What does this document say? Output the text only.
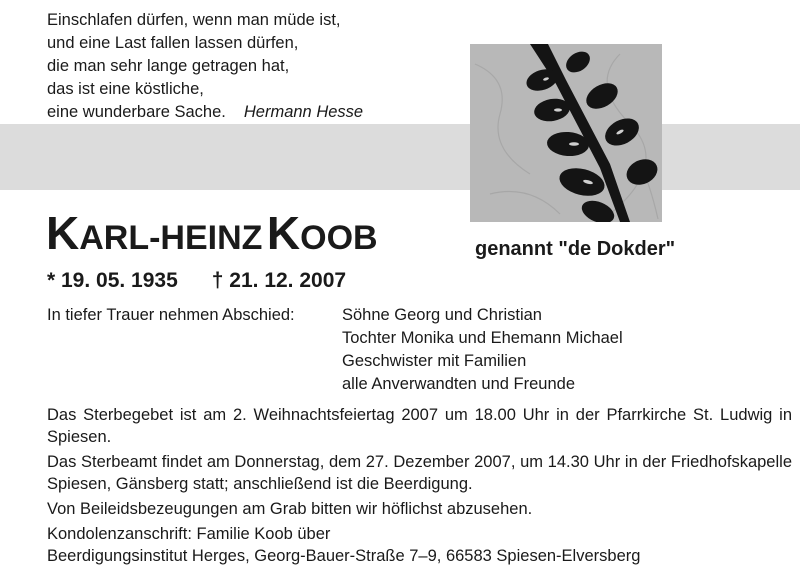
Einschlafen dürfen, wenn man müde ist,
und eine Last fallen lassen dürfen,
die man sehr lange getragen hat,
das ist eine köstliche,
eine wunderbare Sache. Hermann Hesse
KARL-HEINZ KOOB	genannt "de Dokder"
* 19. 05. 1935 † 21. 12. 2007
In tiefer Trauer nehmen Abschied:	Söhne Georg und Christian
Tochter Monika und Ehemann Michael
Geschwister mit Familien
alle Anverwandten und Freunde

Das Sterbegebet ist am 2. Weihnachtsfeiertag 2007 um 18.00 Uhr in der Pfarrkirche St. Ludwig in Spiesen.

Das Sterbeamt findet am Donnerstag, dem 27. Dezember 2007, um 14.30 Uhr in der Friedhofskapelle Spiesen, Gänsberg statt; anschließend ist die Beerdigung.

Von Beileidsbezeugungen am Grab bitten wir höflichst abzusehen.

Kondolenzanschrift: Familie Koob über
Beerdigungsinstitut Herges, Georg-Bauer-Straße 7–9, 66583 Spiesen-Elversberg
